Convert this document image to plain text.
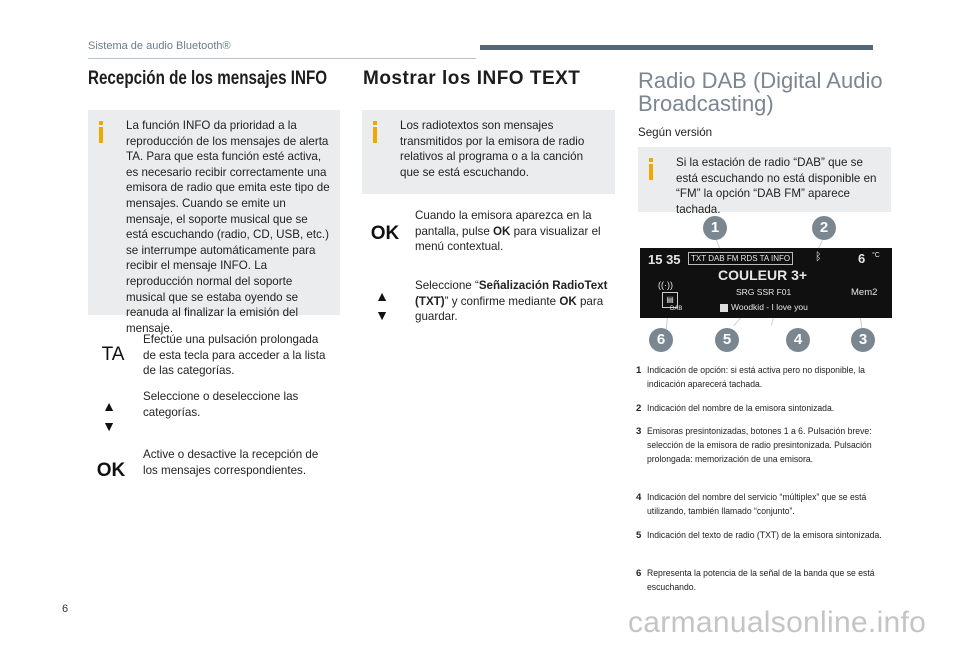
Sistema de audio Bluetooth®
Recepción de los mensajes INFO
La función INFO da prioridad a la reproducción de los mensajes de alerta TA. Para que esta función esté activa, es necesario recibir correctamente una emisora de radio que emita este tipo de mensajes. Cuando se emite un mensaje, el soporte musical que se está escuchando (radio, CD, USB, etc.) se interrumpe automáticamente para recibir el mensaje INFO. La reproducción normal del soporte musical que se estaba oyendo se reanuda al finalizar la emisión del mensaje.
TA
Efectúe una pulsación prolongada de esta tecla para acceder a la lista de las categorías.
▲
▼
Seleccione o deseleccione las categorías.
OK
Active o desactive la recepción de los mensajes correspondientes.
Mostrar los INFO TEXT
Los radiotextos son mensajes transmitidos por la emisora de radio relativos al programa o a la canción que se está escuchando.
OK
Cuando la emisora aparezca en la pantalla, pulse OK para visualizar el menú contextual.
▲
▼
Seleccione “Señalización RadioText (TXT)” y confirme mediante OK para guardar.
Radio DAB (Digital Audio
Broadcasting)
Según versión
Si la estación de radio “DAB” que se está escuchando no está disponible en “FM” la opción “DAB FM” aparece tachada.
15 35	TXT DAB FM RDS TA INFO ᛒ	6 °C
COULEUR 3+
SRG SSR F01	Mem2
((·))
▤
DAB	Woodkid - I love you
1	2
3
4
5
6
1 Indicación de opción: si está activa pero no disponible, la indicación aparecerá tachada.
2 Indicación del nombre de la emisora sintonizada.
3 Emisoras presintonizadas, botones 1 a 6. Pulsación breve: selección de la emisora de radio presintonizada. Pulsación prolongada: memorización de una emisora.
4 Indicación del nombre del servicio “múltiplex” que se está utilizando, también llamado “conjunto”.
5 Indicación del texto de radio (TXT) de la emisora sintonizada.
6 Representa la potencia de la señal de la banda que se está escuchando.
6	carmanualsonline.info
